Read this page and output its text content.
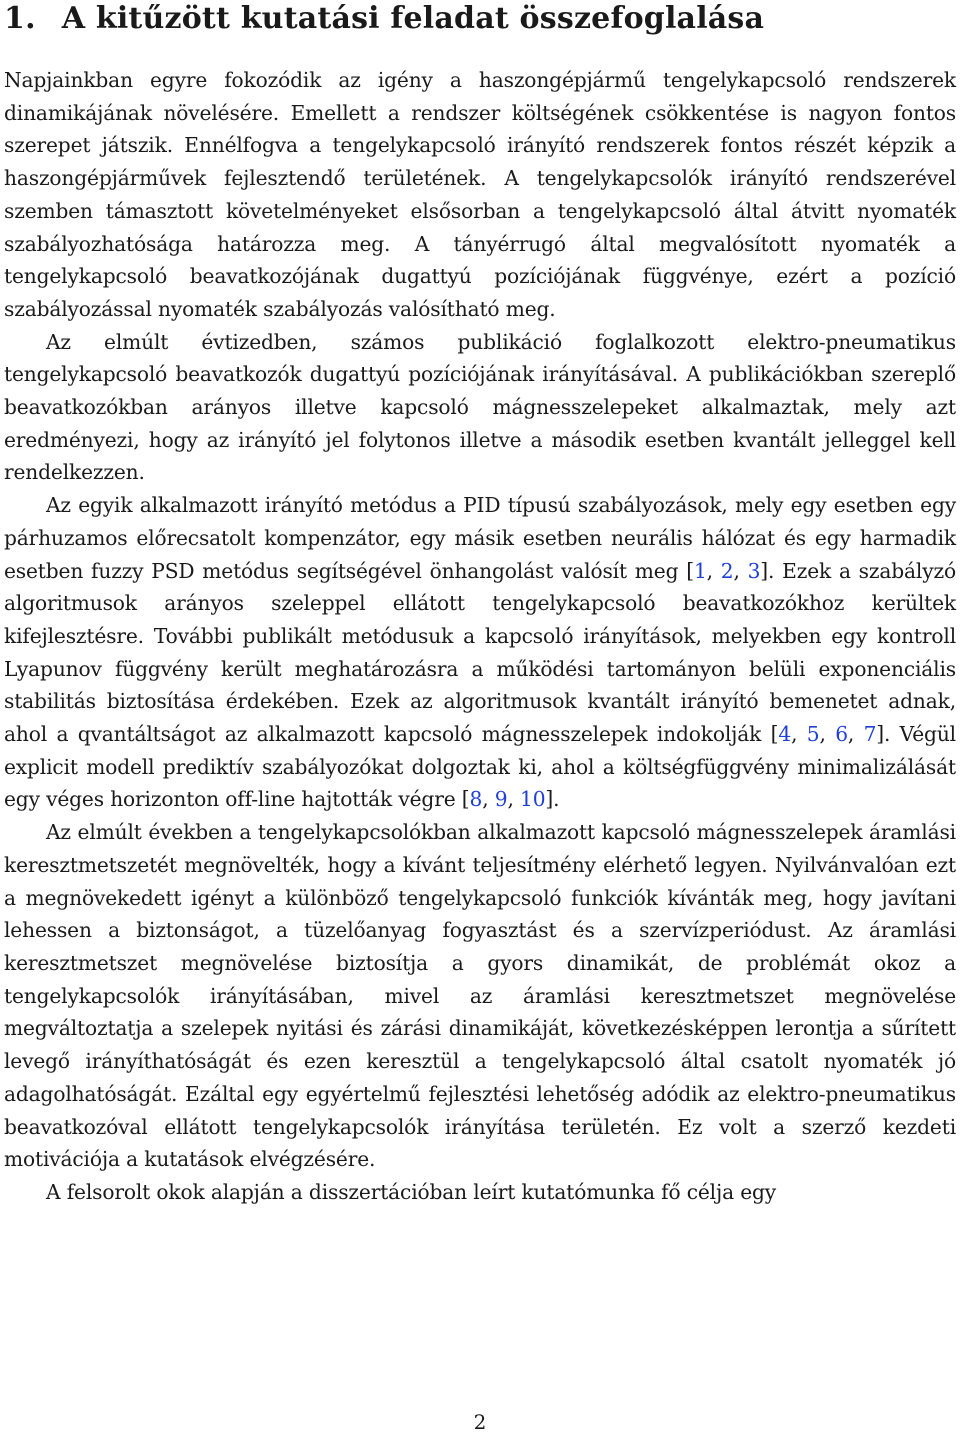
1. A kitűzött kutatási feladat összefoglalása

Napjainkban egyre fokozódik az igény a haszongépjármű tengelykapcsoló rendszerek dinamikájának növelésére. Emellett a rendszer költségének csökkentése is nagyon fontos szerepet játszik. Ennélfogva a tengelykapcsoló irányító rendszerek fontos részét képzik a haszongépjárművek fejlesztendő területének. A tengelykapcsolók irányító rendszerével szemben támasztott követelményeket elsősorban a tengelykapcsoló által átvitt nyomaték szabályozhatósága határozza meg. A tányérrugó által megvalósított nyomaték a tengelykapcsoló beavatkozójának dugattyú pozíciójának függvénye, ezért a pozíció szabályozással nyomaték szabályozás valósítható meg.

Az elmúlt évtizedben, számos publikáció foglalkozott elektro-pneumatikus tengelykapcsoló beavatkozók dugattyú pozíciójának irányításával. A publikációkban szereplő beavatkozókban arányos illetve kapcsoló mágnesszelepeket alkalmaztak, mely azt eredményezi, hogy az irányító jel folytonos illetve a második esetben kvantált jelleggel kell rendelkezzen.

Az egyik alkalmazott irányító metódus a PID típusú szabályozások, mely egy esetben egy párhuzamos előrecsatolt kompenzátor, egy másik esetben neurális hálózat és egy harmadik esetben fuzzy PSD metódus segítségével önhangolást valósít meg [1, 2, 3]. Ezek a szabályzó algoritmusok arányos szeleppel ellátott tengelykapcsoló beavatkozókhoz kerültek kifejlesztésre. További publikált metódusuk a kapcsoló irányítások, melyekben egy kontroll Lyapunov függvény került meghatározásra a működési tartományon belüli exponenciális stabilitás biztosítása érdekében. Ezek az algoritmusok kvantált irányító bemenetet adnak, ahol a qvantáltságot az alkalmazott kapcsoló mágnesszelepek indokolják [4, 5, 6, 7]. Végül explicit modell prediktív szabályozókat dolgoztak ki, ahol a költségfüggvény minimalizálását egy véges horizonton off-line hajtották végre [8, 9, 10].

Az elmúlt években a tengelykapcsolókban alkalmazott kapcsoló mágnesszelepek áramlási keresztmetszetét megnövelték, hogy a kívánt teljesítmény elérhető legyen. Nyilvánvalóan ezt a megnövekedett igényt a különböző tengelykapcsoló funkciók kívánták meg, hogy javítani lehessen a biztonságot, a tüzelőanyag fogyasztást és a szervízperiódust. Az áramlási keresztmetszet megnövelése biztosítja a gyors dinamikát, de problémát okoz a tengelykapcsolók irányításában, mivel az áramlási keresztmetszet megnövelése megváltoztatja a szelepek nyitási és zárási dinamikáját, következésképpen lerontja a sűrített levegő irányíthatóságát és ezen keresztül a tengelykapcsoló által csatolt nyomaték jó adagolhatóságát. Ezáltal egy egyértelmű fejlesztési lehetőség adódik az elektro-pneumatikus beavatkozóval ellátott tengelykapcsolók irányítása területén. Ez volt a szerző kezdeti motivációja a kutatások elvégzésére.

A felsorolt okok alapján a disszertációban leírt kutatómunka fő célja egy

2
